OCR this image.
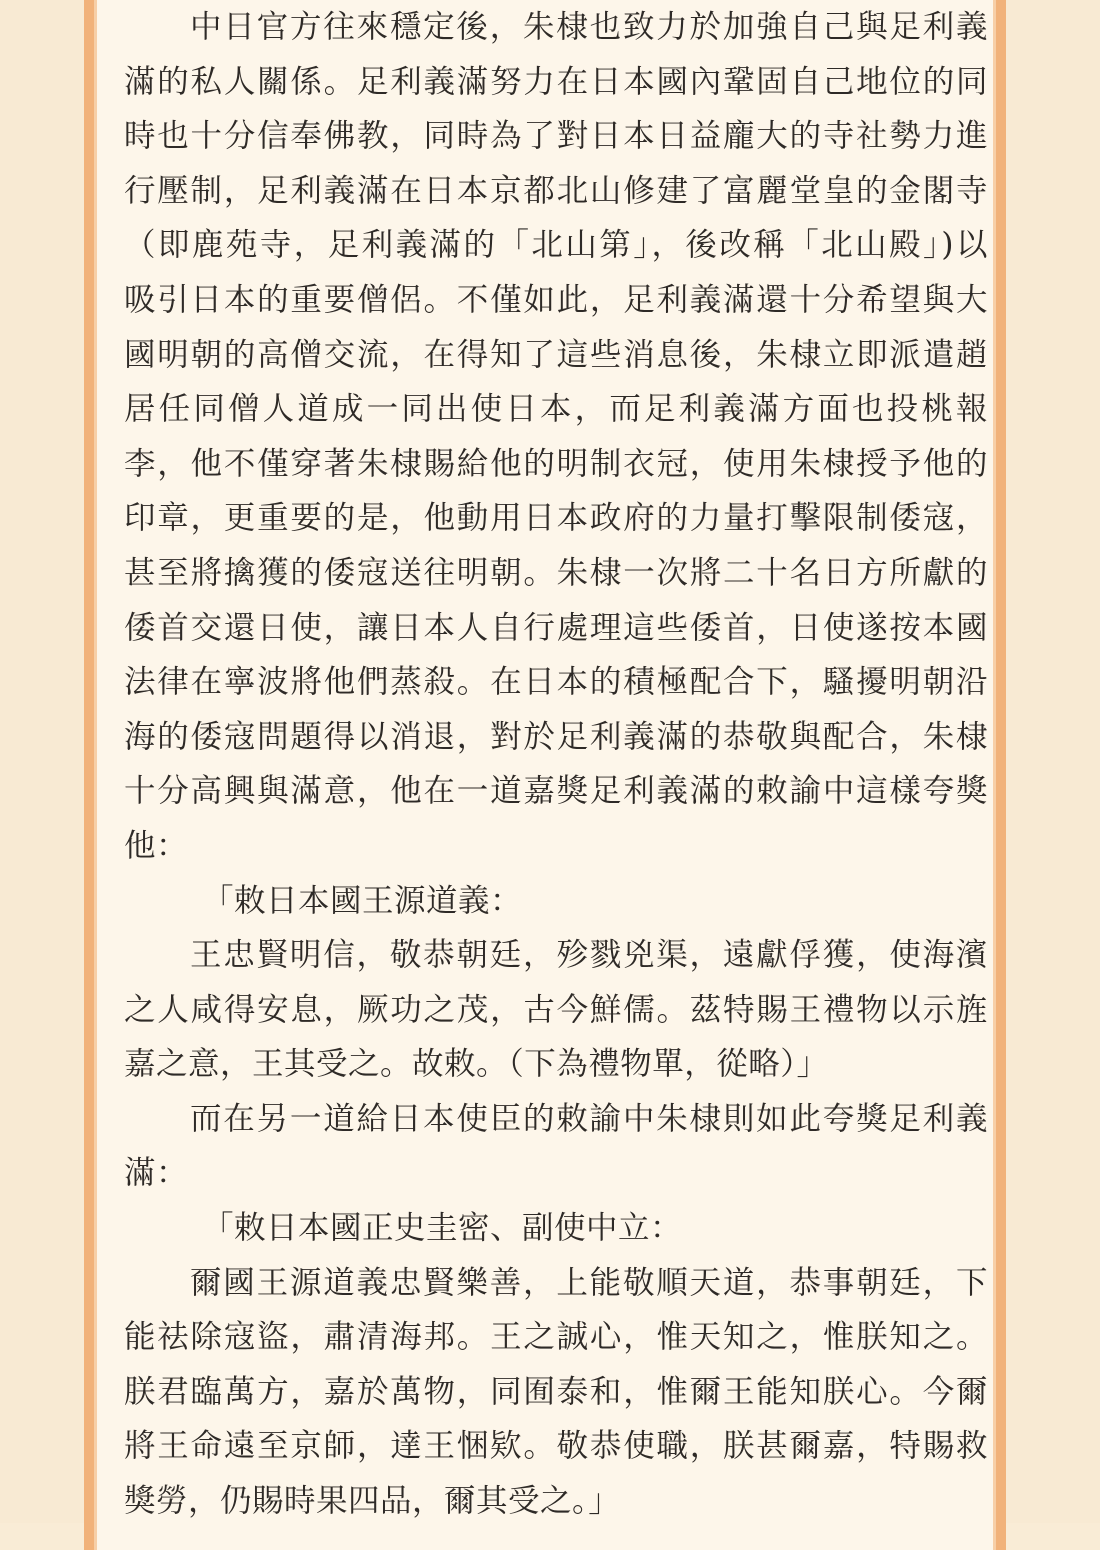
中日官方往來穩定後，朱棣也致力於加強自己與足利義
滿的私人關係。足利義滿努力在日本國內鞏固自己地位的同
時也十分信奉佛教，同時為了對日本日益龐大的寺社勢力進
行壓制，足利義滿在日本京都北山修建了富麗堂皇的金閣寺
（即鹿苑寺，足利義滿的「北山第」，後改稱「北山殿」)以
吸引日本的重要僧侶。不僅如此，足利義滿還十分希望與大
國明朝的高僧交流，在得知了這些消息後，朱棣立即派遣趙
居任同僧人道成一同出使日本，而足利義滿方面也投桃報
李，他不僅穿著朱棣賜給他的明制衣冠，使用朱棣授予他的
印章，更重要的是，他動用日本政府的力量打擊限制倭寇，
甚至將擒獲的倭寇送往明朝。朱棣一次將二十名日方所獻的
倭首交還日使，讓日本人自行處理這些倭首，日使遂按本國
法律在寧波將他們蒸殺。在日本的積極配合下，騷擾明朝沿
海的倭寇問題得以消退，對於足利義滿的恭敬與配合，朱棣
十分高興與滿意，他在一道嘉獎足利義滿的敕諭中這樣夸獎
他：
「敕日本國王源道義：
王忠賢明信，敬恭朝廷，殄戮兇渠，遠獻俘獲，使海濱
之人咸得安息，厥功之茂，古今鮮儒。茲特賜王禮物以示旌
嘉之意，王其受之。故敕。（下為禮物單，從略）」
而在另一道給日本使臣的敕諭中朱棣則如此夸獎足利義
滿：
「敕日本國正史圭密、副使中立：
爾國王源道義忠賢樂善，上能敬順天道，恭事朝廷，下
能祛除寇盜，肅清海邦。王之誠心，惟天知之，惟朕知之。
朕君臨萬方，嘉於萬物，同囿泰和，惟爾王能知朕心。今爾
將王命遠至京師，達王悃欵。敬恭使職，朕甚爾嘉，特賜救
獎勞，仍賜時果四品，爾其受之。」
